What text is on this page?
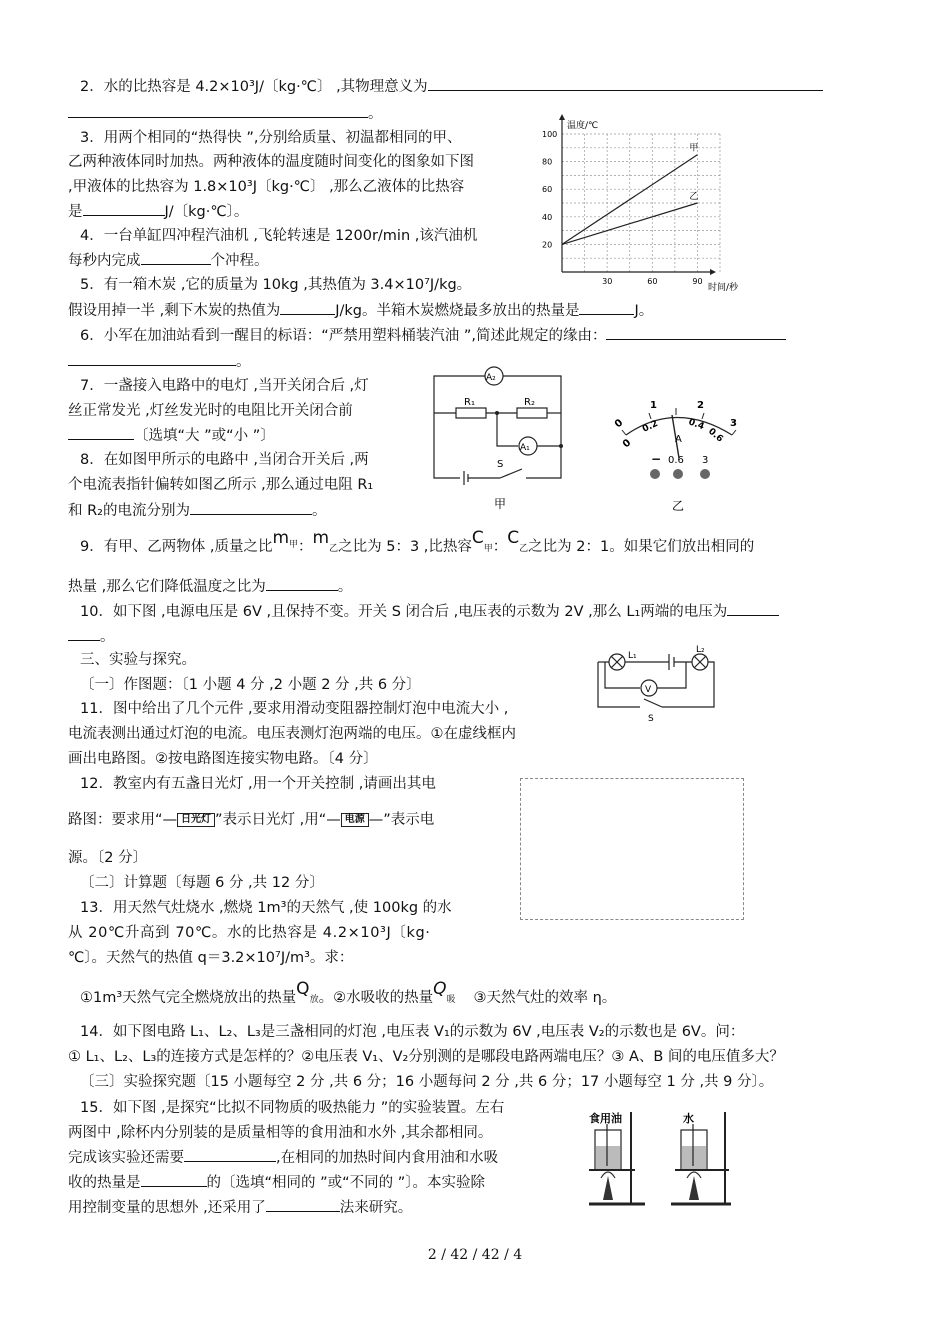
2．水的比热容是 4.2×10³J/〔kg·℃〕 ,其物理意义为
。
3．用两个相同的“热得快 ”,分别给质量、初温都相同的甲、
乙两种液体同时加热。两种液体的温度随时间变化的图象如下图
,甲液体的比热容为 1.8×10³J〔kg·℃〕 ,那么乙液体的比热容
是	J/〔kg·℃〕。
温度/℃
时间/秒
100
80
60
40
20
30	60	90
甲
乙
4．一台单缸四冲程汽油机 ,飞轮转速是 1200r/min ,该汽油机
每秒内完成	个冲程。
5．有一箱木炭 ,它的质量为 10kg ,其热值为 3.4×10⁷J/kg。
假设用掉一半 ,剩下木炭的热值为	J/kg。半箱木炭燃烧最多放出的热量是	J。
6．小军在加油站看到一醒目的标语：“严禁用塑料桶装汽油 ”,简述此规定的缘由：
。
7．一盏接入电路中的电灯 ,当开关闭合后 ,灯
丝正常发光 ,灯丝发光时的电阻比开关闭合前
〔选填“大 ”或“小 ”〕
8．在如图甲所示的电路中 ,当闭合开关后 ,两
个电流表指针偏转如图乙所示 ,那么通过电阻 R₁
和 R₂的电流分别为	。
A₂
A₁
R₁	R₂
S
甲
0
0.2	0.4
0.6
0
1	2
3
A
− 0.6 3
乙
9．有甲、乙两物体 ,质量之比$m^甲$：m乙之比为 5：3 ,比热容C甲：C乙之比为 2：1。如果它们放出相同的
热量 ,那么它们降低温度之比为	。
10．如下图 ,电源电压是 6V ,且保持不变。开关 S 闭合后 ,电压表的示数为 2V ,那么 L₁两端的电压为
。
L₁
L₂
V
S
三、实验与探究。
〔一〕作图题：〔1 小题 4 分 ,2 小题 2 分 ,共 6 分〕
11．图中给出了几个元件 ,要求用滑动变阻器控制灯泡中电流大小 ,
电流表测出通过灯泡的电流。电压表测灯泡两端的电压。①在虚线框内
画出电路图。②按电路图连接实物电路。〔4 分〕
12．教室内有五盏日光灯 ,用一个开关控制 ,请画出其电
路图：要求用“— 日光灯 ”表示日光灯 ,用“— 电源 —”表示电
源。〔2 分〕
〔二〕计算题〔每题 6 分 ,共 12 分〕
13．用天然气灶烧水 ,燃烧 1m³的天然气 ,使 100kg 的水
从 20℃升高到 70℃。水的比热容是 4.2×10³J〔kg·
℃〕。天然气的热值 q＝3.2×10⁷J/m³。求：
①1m³天然气完全燃烧放出的热量Q放。②水吸收的热量Q吸 ③天然气灶的效率 η。
14．如下图电路 L₁、L₂、L₃是三盏相同的灯泡 ,电压表 V₁的示数为 6V ,电压表 V₂的示数也是 6V。问：
① L₁、L₂、L₃的连接方式是怎样的？②电压表 V₁、V₂分别测的是哪段电路两端电压？③ A、B 间的电压值多大？
〔三〕实验探究题〔15 小题每空 2 分 ,共 6 分；16 小题每问 2 分 ,共 6 分；17 小题每空 1 分 ,共 9 分〕。
15．如下图 ,是探究“比拟不同物质的吸热能力 ”的实验装置。左右
两图中 ,除杯内分别装的是质量相等的食用油和水外 ,其余都相同。
完成该实验还需要	,在相同的加热时间内食用油和水吸
收的热量是	的〔选填“相同的 ”或“不同的 ”〕。本实验除
用控制变量的思想外 ,还采用了	法来研究。
食用油	水
2 / 42 / 42 / 4
